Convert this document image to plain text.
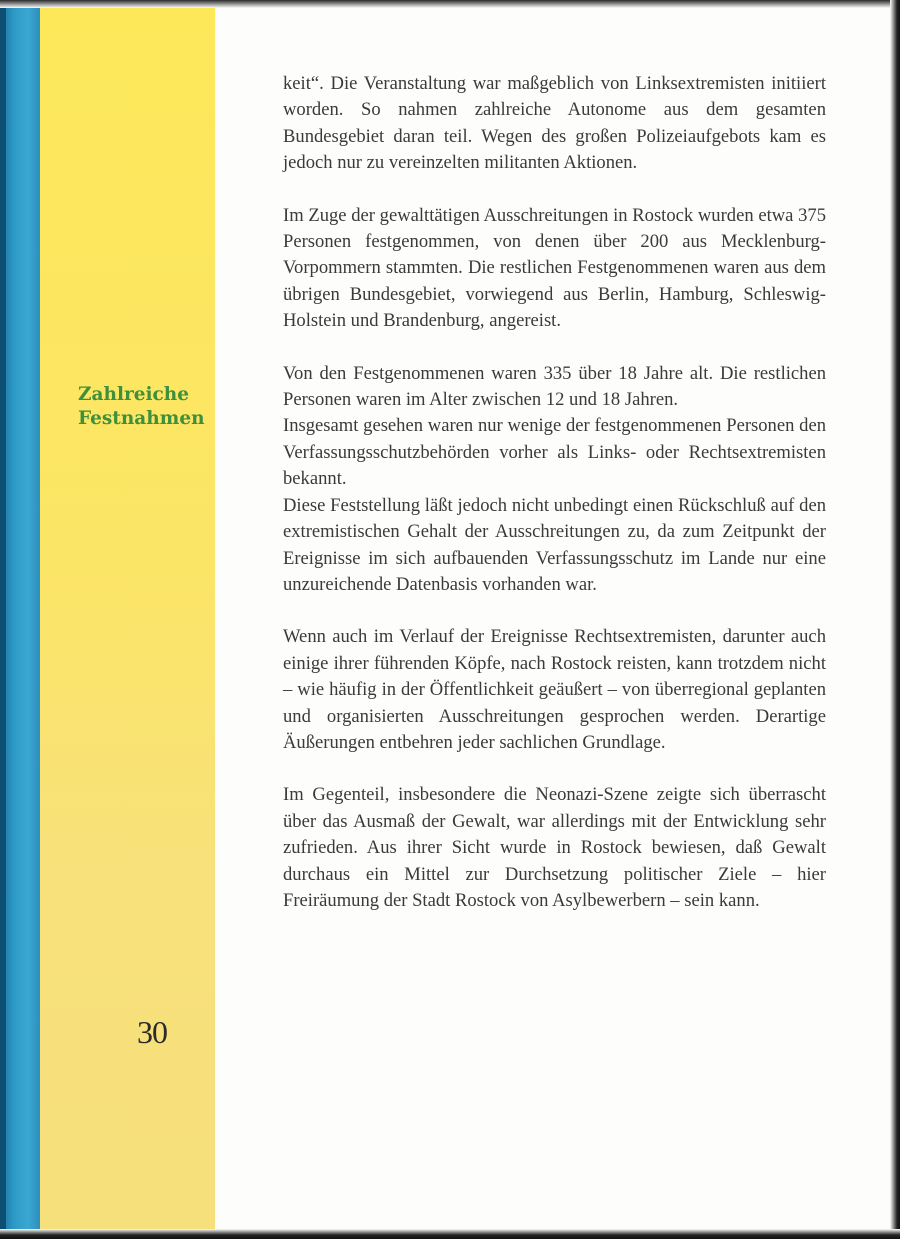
Zahlreiche
Festnahmen
30

keit“. Die Veranstaltung war maßgeblich von Linksextremisten initiiert worden. So nahmen zahlreiche Autonome aus dem gesamten Bundesgebiet daran teil. Wegen des großen Polizeiaufgebots kam es jedoch nur zu vereinzelten militanten Aktionen.

Im Zuge der gewalttätigen Ausschreitungen in Rostock wurden etwa 375 Personen festgenommen, von denen über 200 aus Mecklenburg-Vorpommern stammten. Die restlichen Festgenommenen waren aus dem übrigen Bundesgebiet, vorwiegend aus Berlin, Hamburg, Schleswig-Holstein und Brandenburg, angereist.

Von den Festgenommenen waren 335 über 18 Jahre alt. Die restlichen Personen waren im Alter zwischen 12 und 18 Jahren.

Insgesamt gesehen waren nur wenige der festgenommenen Personen den Verfassungsschutzbehörden vorher als Links- oder Rechtsextremisten bekannt.

Diese Feststellung läßt jedoch nicht unbedingt einen Rückschluß auf den extremistischen Gehalt der Ausschreitungen zu, da zum Zeitpunkt der Ereignisse im sich aufbauenden Verfassungsschutz im Lande nur eine unzureichende Datenbasis vorhanden war.

Wenn auch im Verlauf der Ereignisse Rechtsextremisten, darunter auch einige ihrer führenden Köpfe, nach Rostock reisten, kann trotzdem nicht – wie häufig in der Öffentlichkeit geäußert – von überregional geplanten und organisierten Ausschreitungen gesprochen werden. Derartige Äußerungen entbehren jeder sachlichen Grundlage.

Im Gegenteil, insbesondere die Neonazi-Szene zeigte sich überrascht über das Ausmaß der Gewalt, war allerdings mit der Entwicklung sehr zufrieden. Aus ihrer Sicht wurde in Rostock bewiesen, daß Gewalt durchaus ein Mittel zur Durchsetzung politischer Ziele – hier Freiräumung der Stadt Rostock von Asylbewerbern – sein kann.
